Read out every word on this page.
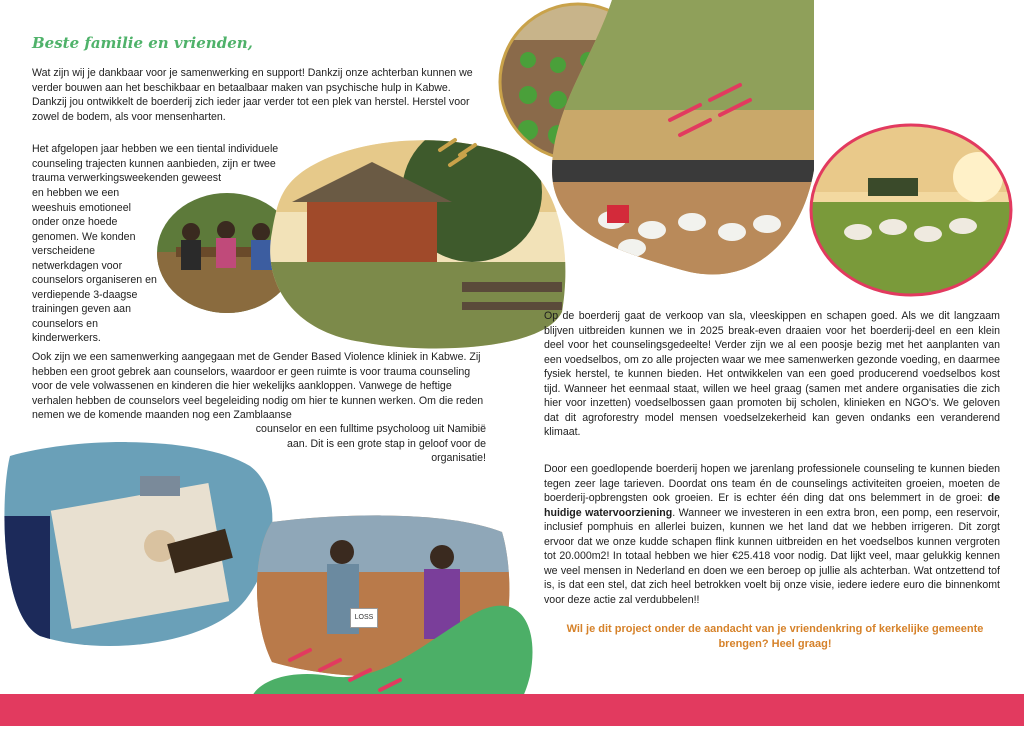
LOSS
Beste familie en vrienden,
Wat zijn wij je dankbaar voor je samenwerking en support! Dankzij onze achterban kunnen we verder bouwen aan het beschikbaar en betaalbaar maken van psychische hulp in Kabwe. Dankzij jou ontwikkelt de boerderij zich ieder jaar verder tot een plek van herstel. Herstel voor zowel de bodem, als voor mensenharten.
Het afgelopen jaar hebben we een tiental individuele counseling trajecten kunnen aanbieden, zijn er twee trauma verwerkingsweekenden geweest
en hebben we een weeshuis emotioneel onder onze hoede genomen. We konden verscheidene netwerkdagen voor counselors organiseren en verdiepende 3-daagse trainingen geven aan counselors en kinderwerkers.
Ook zijn we een samenwerking aangegaan met de Gender Based Violence kliniek in Kabwe. Zij hebben een groot gebrek aan counselors, waardoor er geen ruimte is voor trauma counseling voor de vele volwassenen en kinderen die hier wekelijks aankloppen. Vanwege de heftige verhalen hebben de counselors veel begeleiding nodig om hier te kunnen werken. Om die reden nemen we de komende maanden nog een Zamblaanse
counselor en een fulltime psycholoog uit Namibië aan. Dit is een grote stap in geloof voor de organisatie!
Op de boerderij gaat de verkoop van sla, vleeskippen en schapen goed. Als we dit langzaam blijven uitbreiden kunnen we in 2025 break-even draaien voor het boerderij-deel en een klein deel voor het counselingsgedeelte! Verder zijn we al een poosje bezig met het aanplanten van een voedselbos, om zo alle projecten waar we mee samenwerken gezonde voeding, en daarmee fysiek herstel, te kunnen bieden. Het ontwikkelen van een goed producerend voedselbos kost tijd. Wanneer het eenmaal staat, willen we heel graag (samen met andere organisaties die zich hier voor inzetten) voedselbossen gaan promoten bij scholen, klinieken en NGO's. We geloven dat dit agroforestry model mensen voedselzekerheid kan geven ondanks een veranderend klimaat.
Door een goedlopende boerderij hopen we jarenlang professionele counseling te kunnen bieden tegen zeer lage tarieven. Doordat ons team én de counselings activiteiten groeien, moeten de boerderij-opbrengsten ook groeien. Er is echter één ding dat ons belemmert in de groei: de huidige watervoorziening. Wanneer we investeren in een extra bron, een pomp, een reservoir, inclusief pomphuis en allerlei buizen, kunnen we het land dat we hebben irrigeren. Dit zorgt ervoor dat we onze kudde schapen flink kunnen uitbreiden en het voedselbos kunnen vergroten tot 20.000m2! In totaal hebben we hier €25.418 voor nodig. Dat lijkt veel, maar gelukkig kennen we veel mensen in Nederland en doen we een beroep op jullie als achterban. Wat ontzettend tof is, is dat een stel, dat zich heel betrokken voelt bij onze visie, iedere iedere euro die binnenkomt voor deze actie zal verdubbelen!!
Wil je dit project onder de aandacht van je vriendenkring of kerkelijke gemeente brengen? Heel graag!
